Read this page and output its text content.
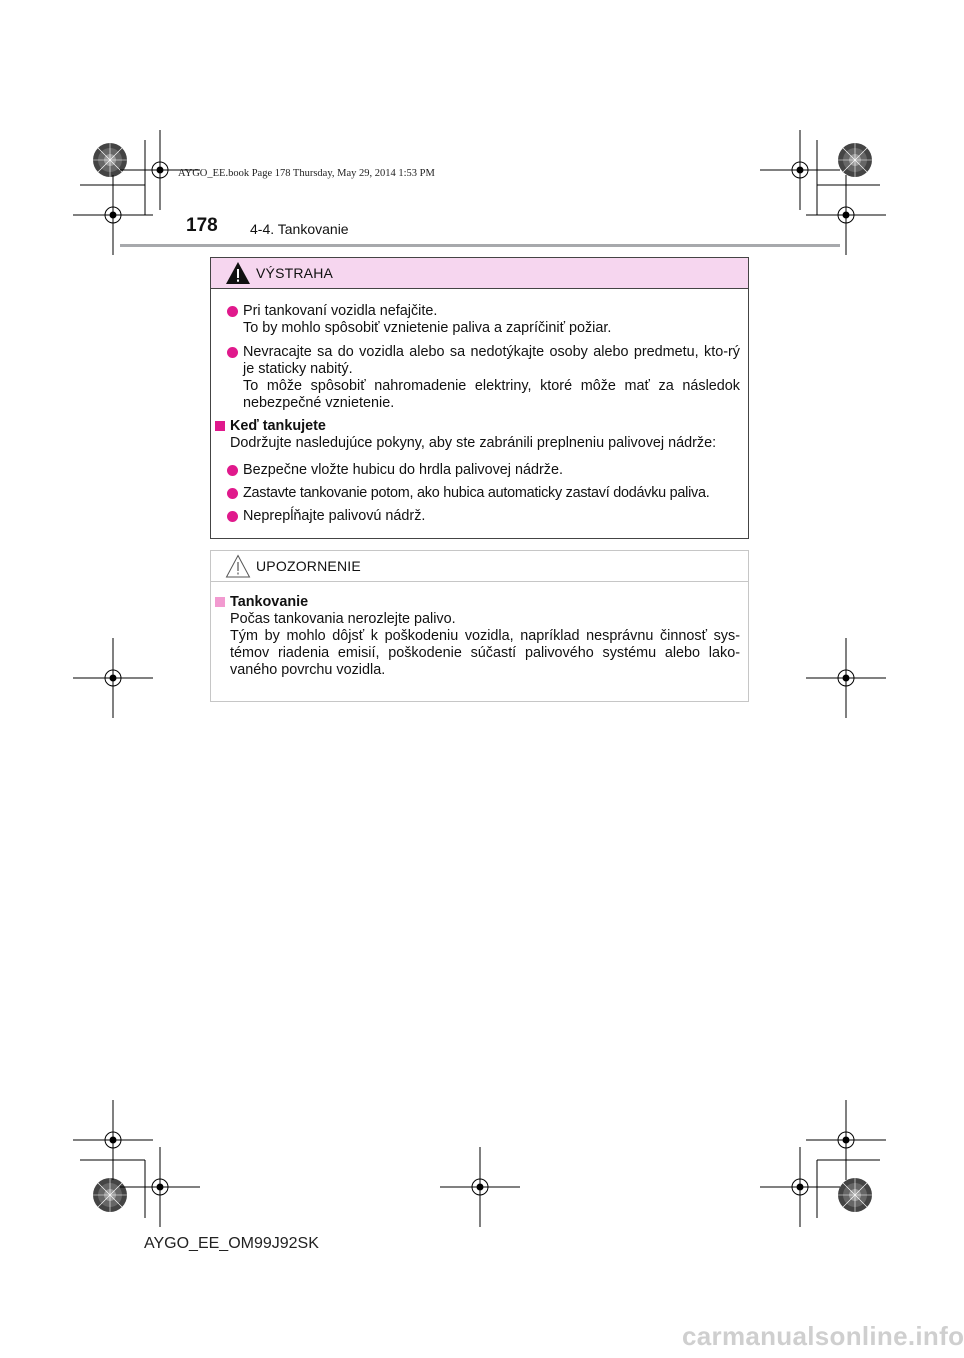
AYGO_EE.book Page 178 Thursday, May 29, 2014 1:53 PM
178 4-4. Tankovanie
VÝSTRAHA
Pri tankovaní vozidla nefajčite.
To by mohlo spôsobiť vznietenie paliva a zapríčiniť požiar.
Nevracajte sa do vozidla alebo sa nedotýkajte osoby alebo predmetu, kto-rý je staticky nabitý.
To môže spôsobiť nahromadenie elektriny, ktoré môže mať za následok nebezpečné vznietenie.
Keď tankujete
Dodržujte nasledujúce pokyny, aby ste zabránili preplneniu palivovej nádrže:
Bezpečne vložte hubicu do hrdla palivovej nádrže.
Zastavte tankovanie potom, ako hubica automaticky zastaví dodávku paliva.
Neprepĺňajte palivovú nádrž.
UPOZORNENIE
Tankovanie
Počas tankovania nerozlejte palivo.
Tým by mohlo dôjsť k poškodeniu vozidla, napríklad nesprávnu činnosť sys-témov riadenia emisií, poškodenie súčastí palivového systému alebo lako-vaného povrchu vozidla.
AYGO_EE_OM99J92SK
carmanualsonline.info
